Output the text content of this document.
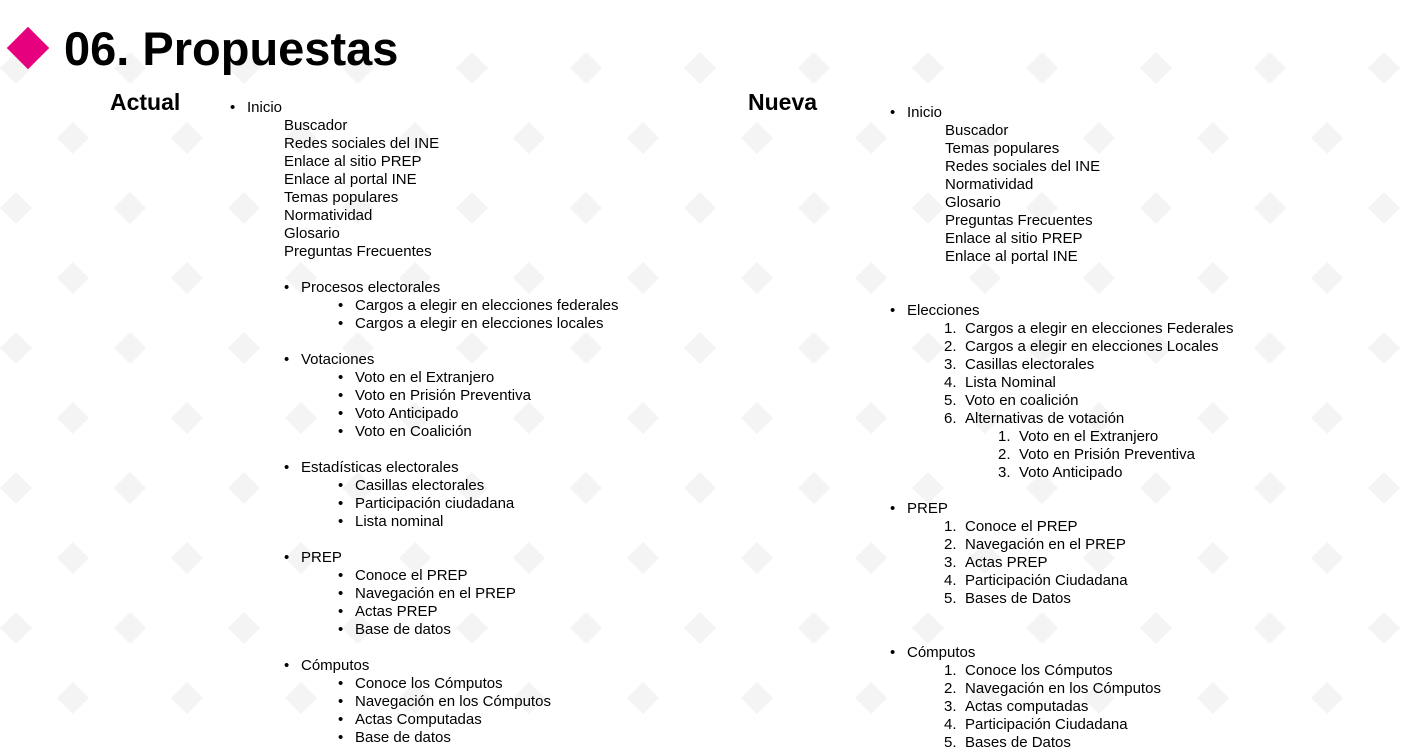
06. Propuestas
Actual	Nueva
• Inicio
Buscador
Redes sociales del INE
Enlace al sitio PREP
Enlace al portal INE
Temas populares
Normatividad
Glosario
Preguntas Frecuentes
• Procesos electorales
• Cargos a elegir en elecciones federales
• Cargos a elegir en elecciones locales
• Votaciones
• Voto en el Extranjero
• Voto en Prisión Preventiva
• Voto Anticipado
• Voto en Coalición
• Estadísticas electorales
• Casillas electorales
• Participación ciudadana
• Lista nominal
• PREP
• Conoce el PREP
• Navegación en el PREP
• Actas PREP
• Base de datos
• Cómputos
• Conoce los Cómputos
• Navegación en los Cómputos
• Actas Computadas
• Base de datos
• Inicio
Buscador
Temas populares
Redes sociales del INE
Normatividad
Glosario
Preguntas Frecuentes
Enlace al sitio PREP
Enlace al portal INE
• Elecciones
1. Cargos a elegir en elecciones Federales
2. Cargos a elegir en elecciones Locales
3. Casillas electorales
4. Lista Nominal
5. Voto en coalición
6. Alternativas de votación
1. Voto en el Extranjero
2. Voto en Prisión Preventiva
3. Voto Anticipado
• PREP
1. Conoce el PREP
2. Navegación en el PREP
3. Actas PREP
4. Participación Ciudadana
5. Bases de Datos
• Cómputos
1. Conoce los Cómputos
2. Navegación en los Cómputos
3. Actas computadas
4. Participación Ciudadana
5. Bases de Datos
